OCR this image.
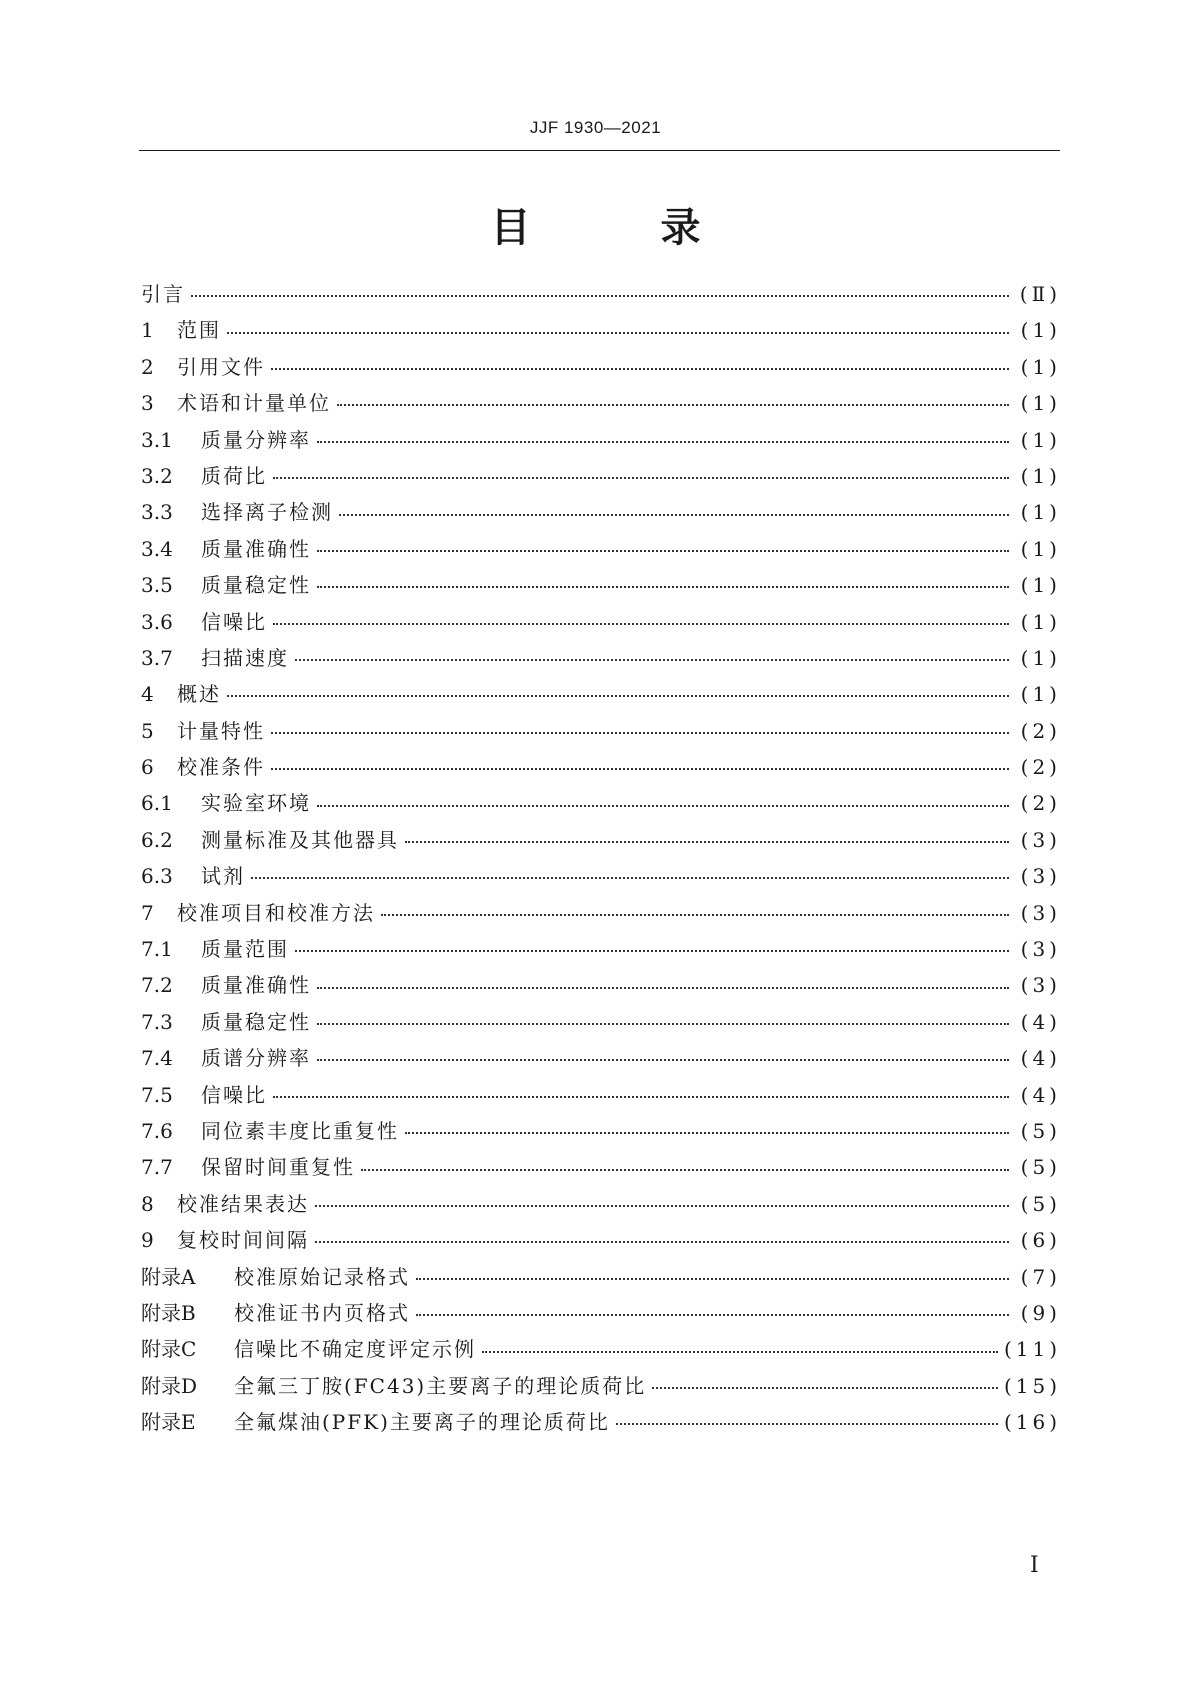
JJF 1930—2021
目 录
引言	(Ⅱ)
1	范围	(1)
2	引用文件	(1)
3	术语和计量单位	(1)
3.1	质量分辨率	(1)
3.2	质荷比	(1)
3.3	选择离子检测	(1)
3.4	质量准确性	(1)
3.5	质量稳定性	(1)
3.6	信噪比	(1)
3.7	扫描速度	(1)
4	概述	(1)
5	计量特性	(2)
6	校准条件	(2)
6.1	实验室环境	(2)
6.2	测量标准及其他器具	(3)
6.3	试剂	(3)
7	校准项目和校准方法	(3)
7.1	质量范围	(3)
7.2	质量准确性	(3)
7.3	质量稳定性	(4)
7.4	质谱分辨率	(4)
7.5	信噪比	(4)
7.6	同位素丰度比重复性	(5)
7.7	保留时间重复性	(5)
8	校准结果表达	(5)
9	复校时间间隔	(6)
附录A	校准原始记录格式	(7)
附录B	校准证书内页格式	(9)
附录C	信噪比不确定度评定示例	(11)
附录D	全氟三丁胺(FC43)主要离子的理论质荷比	(15)
附录E	全氟煤油(PFK)主要离子的理论质荷比	(16)
Ⅰ
